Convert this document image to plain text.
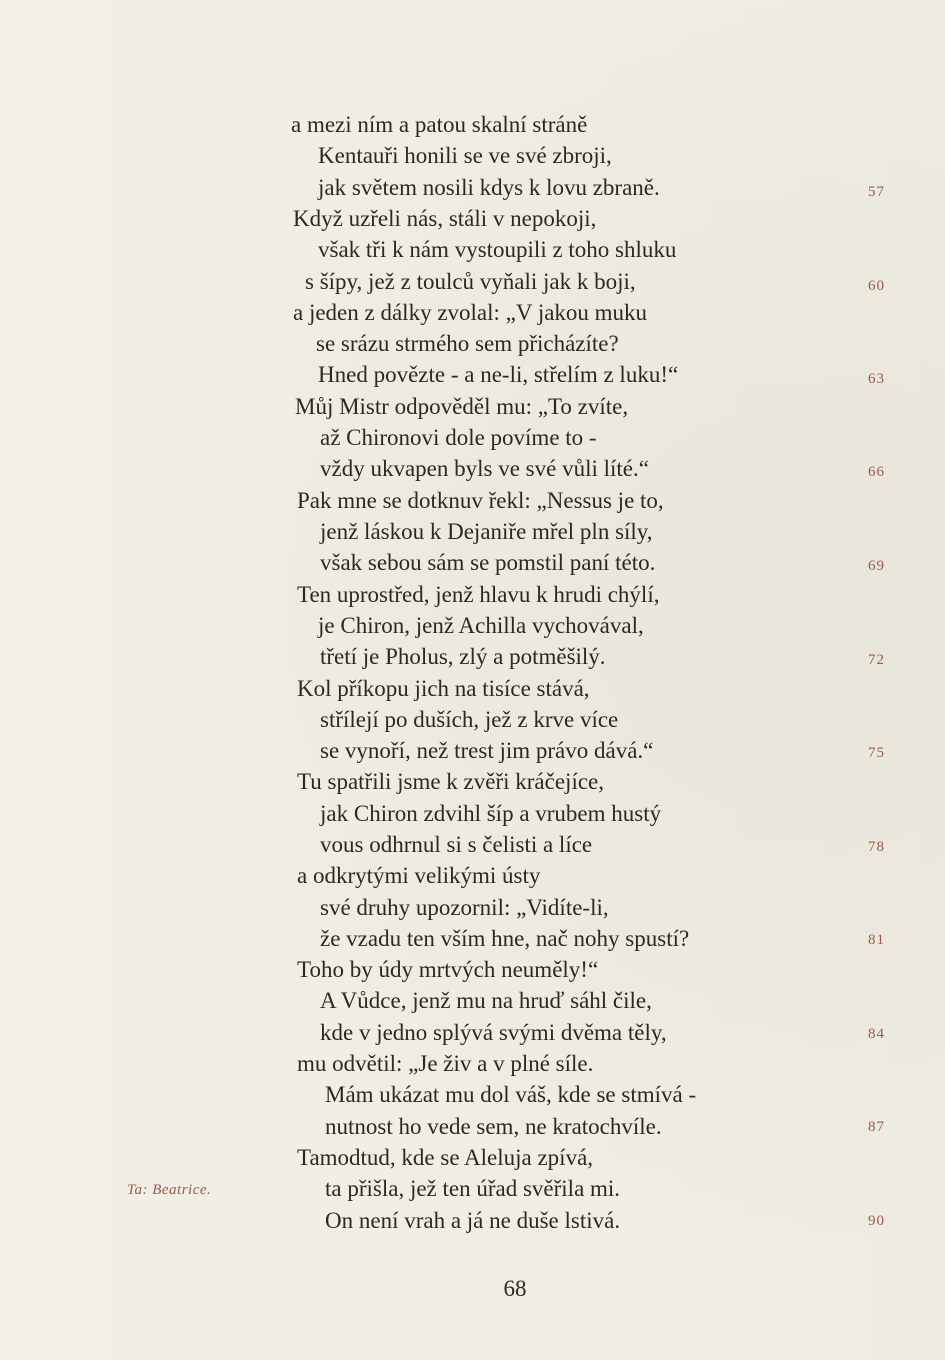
a mezi ním a patou skalní stráně
Kentauři honili se ve své zbroji,
jak světem nosili kdys k lovu zbraně.
Když uzřeli nás, stáli v nepokoji,
však tři k nám vystoupili z toho shluku
s šípy, jež z toulců vyňali jak k boji,
a jeden z dálky zvolal: „V jakou muku
se srázu strmého sem přicházíte?
Hned povězte - a ne-li, střelím z luku!“
Můj Mistr odpověděl mu: „To zvíte,
až Chironovi dole povíme to -
vždy ukvapen byls ve své vůli líté.“
Pak mne se dotknuv řekl: „Nessus je to,
jenž láskou k Dejaniře mřel pln síly,
však sebou sám se pomstil paní této.
Ten uprostřed, jenž hlavu k hrudi chýlí,
je Chiron, jenž Achilla vychovával,
třetí je Pholus, zlý a potměšilý.
Kol příkopu jich na tisíce stává,
střílejí po duších, jež z krve více
se vynoří, než trest jim právo dává.“
Tu spatřili jsme k zvěři kráčejíce,
jak Chiron zdvihl šíp a vrubem hustý
vous odhrnul si s čelisti a líce
a odkrytými velikými ústy
své druhy upozornil: „Vidíte-li,
že vzadu ten vším hne, nač nohy spustí?
Toho by údy mrtvých neuměly!“
A Vůdce, jenž mu na hruď sáhl čile,
kde v jedno splývá svými dvěma těly,
mu odvětil: „Je živ a v plné síle.
Mám ukázat mu dol váš, kde se stmívá -
nutnost ho vede sem, ne kratochvíle.
Tamodtud, kde se Aleluja zpívá,
ta přišla, jež ten úřad svěřila mi.
On není vrah a já ne duše lstivá.
57
60
63
66
69
72
75
78
81
84
87
90
Ta: Beatrice.
68
